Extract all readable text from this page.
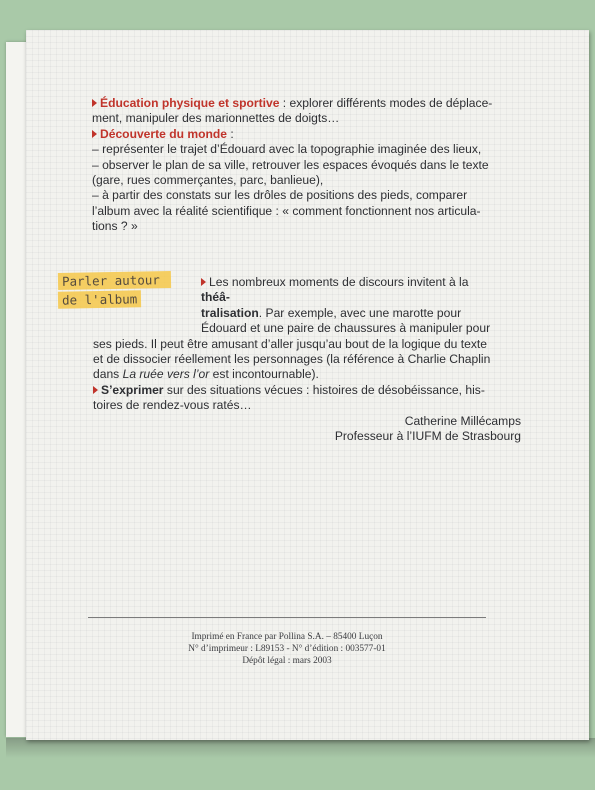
Éducation physique et sportive : explorer différents modes de déplace-

ment, manipuler des marionnettes de doigts…

Découverte du monde :

– représenter le trajet d’Édouard avec la topographie imaginée des lieux,

– observer le plan de sa ville, retrouver les espaces évoqués dans le texte

(gare, rues commerçantes, parc, banlieue),

– à partir des constats sur les drôles de positions des pieds, comparer

l’album avec la réalité scientifique : « comment fonctionnent nos articula-

tions ? »

Parler autour
de l'album

Les nombreux moments de discours invitent à la théâ-

tralisation. Par exemple, avec une marotte pour

Édouard et une paire de chaussures à manipuler pour

ses pieds. Il peut être amusant d’aller jusqu’au bout de la logique du texte

et de dissocier réellement les personnages (la référence à Charlie Chaplin

dans La ruée vers l’or est incontournable).

S’exprimer sur des situations vécues : histoires de désobéissance, his-

toires de rendez-vous ratés…

Catherine Millécamps
Professeur à l’IUFM de Strasbourg
Imprimé en France par Pollina S.A. – 85400 Luçon
N° d’imprimeur : L89153 - N° d’édition : 003577-01
Dépôt légal : mars 2003
